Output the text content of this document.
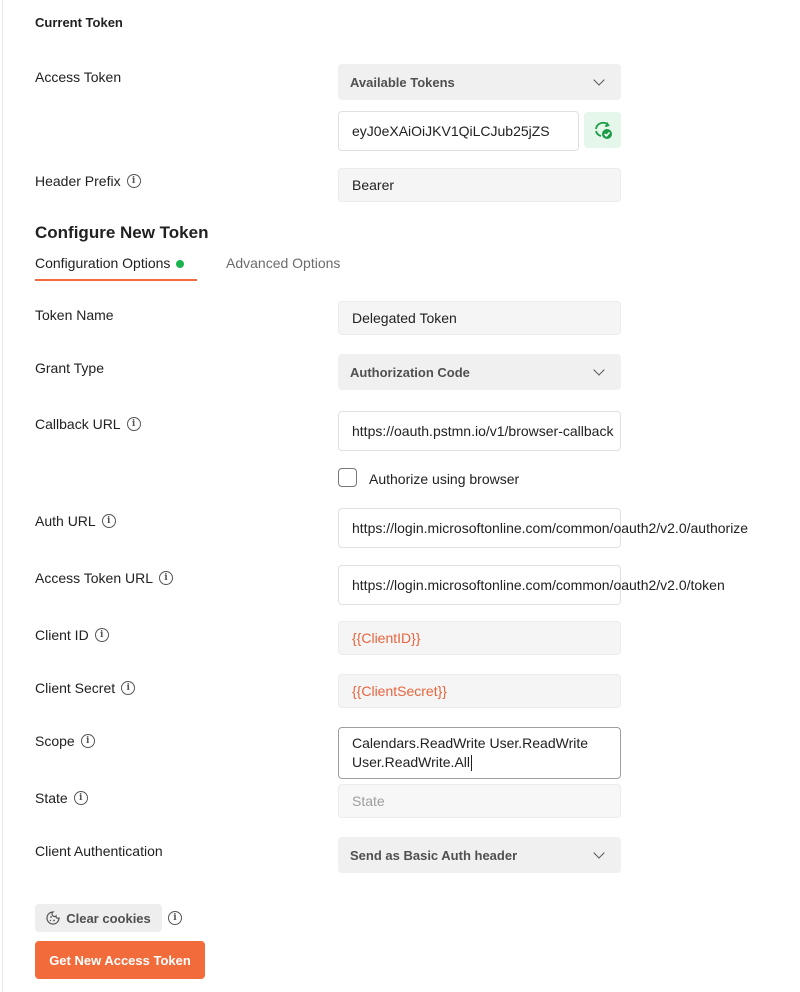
Current Token
Access Token	Available Tokens
eyJ0eXAiOiJKV1QiLCJub25jZS
Header Prefix	i	Bearer
Configure New Token
Configuration Options	Advanced Options
Token Name	Delegated Token
Grant Type	Authorization Code
Callback URL	i	https://oauth.pstmn.io/v1/browser-callback
Authorize using browser
Auth URL	i	https://login.microsoftonline.com/common/oauth2/v2.0/authorize
Access Token URL	i	https://login.microsoftonline.com/common/oauth2/v2.0/token
Client ID	i	{{ClientID}}
Client Secret	i	{{ClientSecret}}
Scope	i	Calendars.ReadWrite User.ReadWrite
User.ReadWrite.All
State	i	State
Client Authentication	Send as Basic Auth header
Clear cookies	i
Get New Access Token
